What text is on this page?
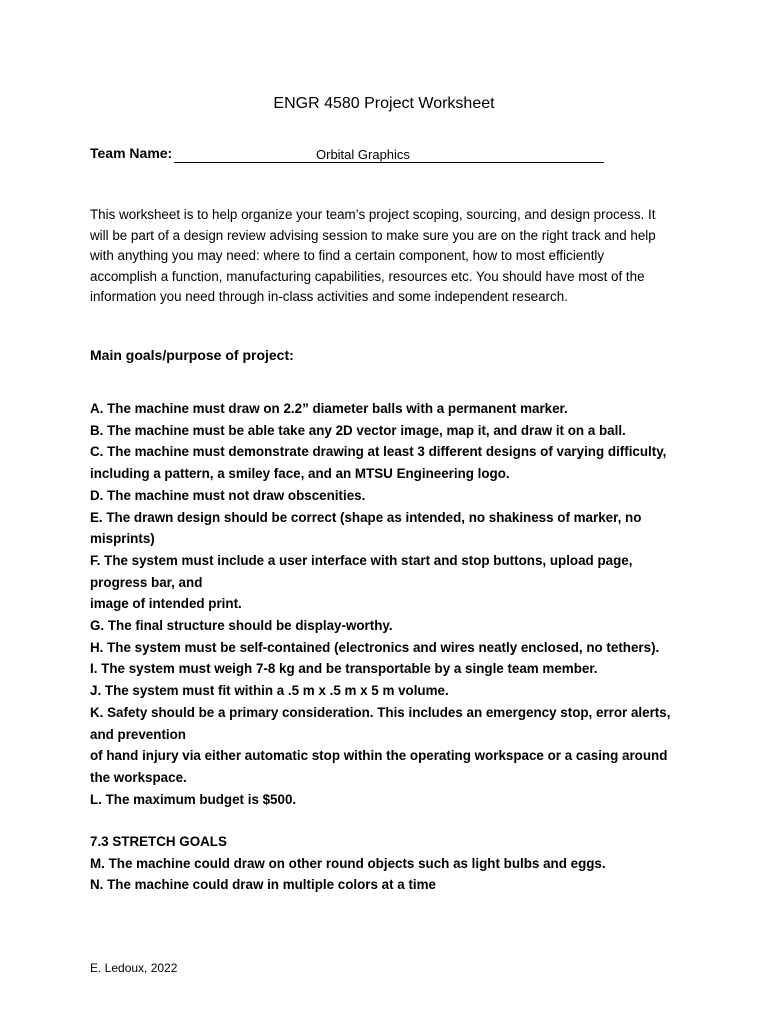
ENGR 4580 Project Worksheet
Team Name:	Orbital Graphics
This worksheet is to help organize your team’s project scoping, sourcing, and design process. It
will be part of a design review advising session to make sure you are on the right track and help
with anything you may need: where to find a certain component, how to most efficiently
accomplish a function, manufacturing capabilities, resources etc. You should have most of the
information you need through in-class activities and some independent research.
Main goals/purpose of project:
A. The machine must draw on 2.2” diameter balls with a permanent marker.
B. The machine must be able take any 2D vector image, map it, and draw it on a ball.
C. The machine must demonstrate drawing at least 3 different designs of varying difficulty,
including a pattern, a smiley face, and an MTSU Engineering logo.
D. The machine must not draw obscenities.
E. The drawn design should be correct (shape as intended, no shakiness of marker, no
misprints)
F. The system must include a user interface with start and stop buttons, upload page,
progress bar, and
image of intended print.
G. The final structure should be display-worthy.
H. The system must be self-contained (electronics and wires neatly enclosed, no tethers).
I. The system must weigh 7-8 kg and be transportable by a single team member.
J. The system must fit within a .5 m x .5 m x 5 m volume.
K. Safety should be a primary consideration. This includes an emergency stop, error alerts,
and prevention
of hand injury via either automatic stop within the operating workspace or a casing around
the workspace.
L. The maximum budget is $500.
7.3 STRETCH GOALS
M. The machine could draw on other round objects such as light bulbs and eggs.
N. The machine could draw in multiple colors at a time
E. Ledoux, 2022
